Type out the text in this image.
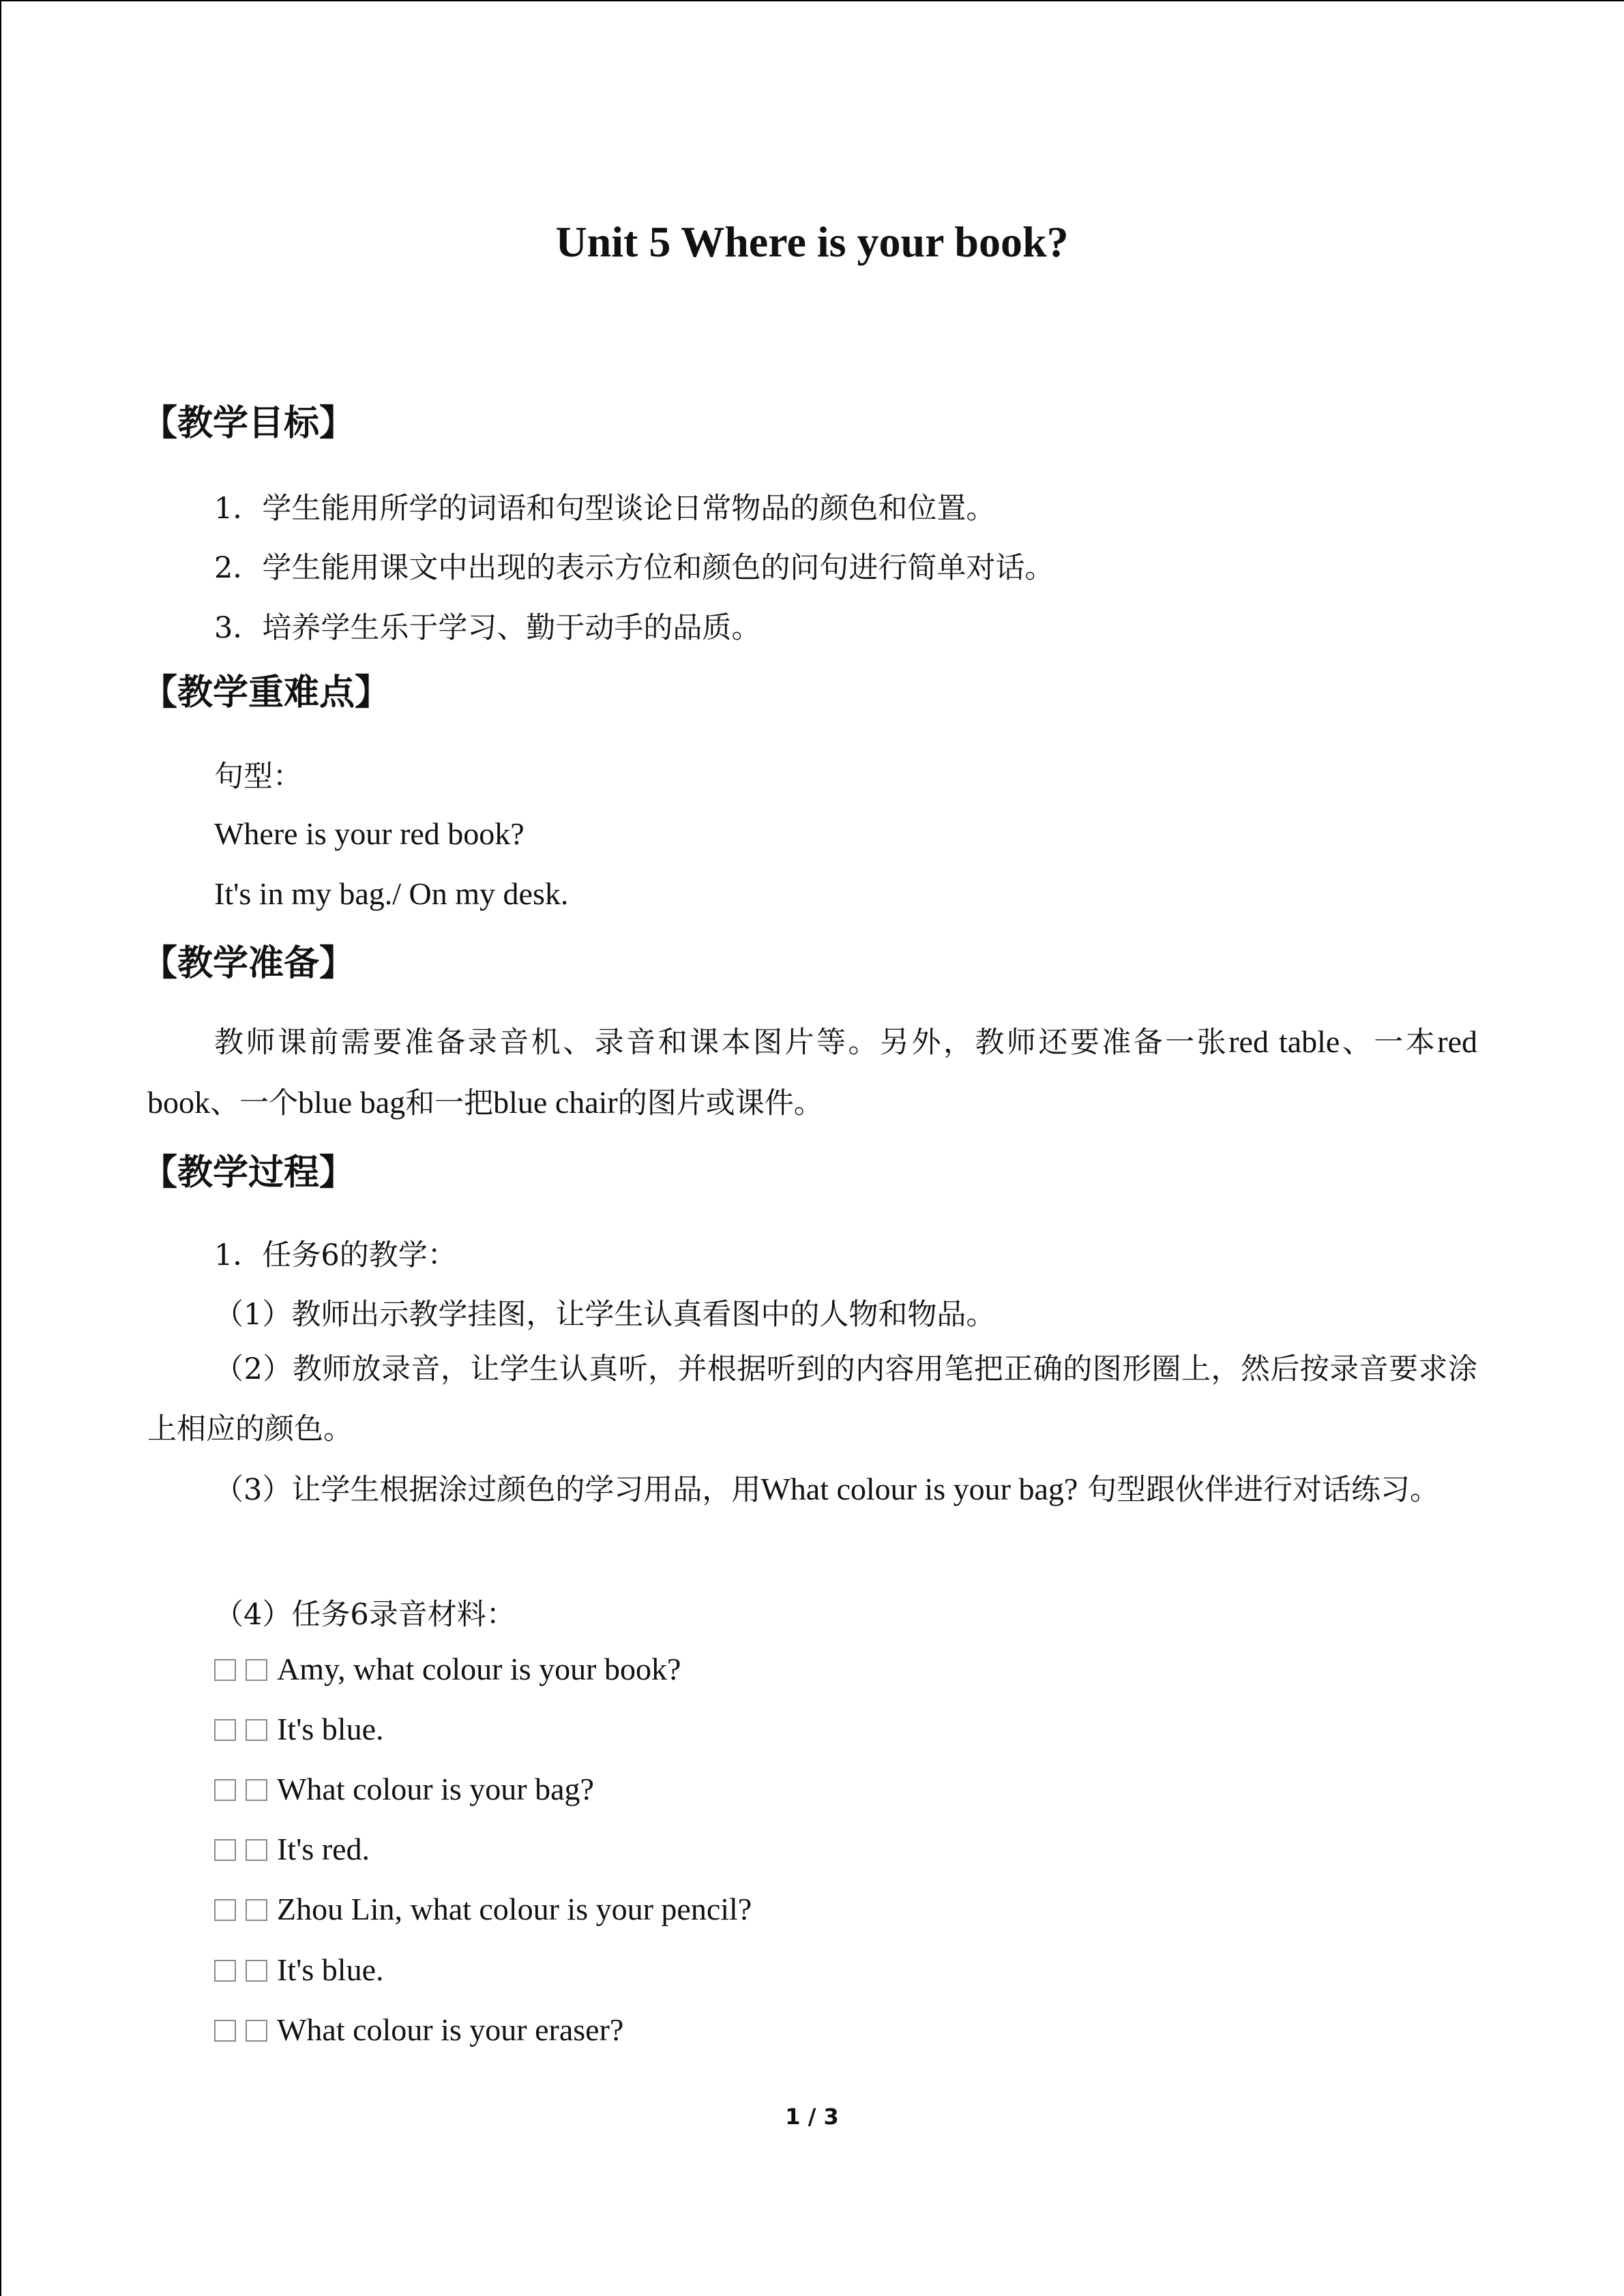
Unit 5 Where is your book?
【教学目标】
1．学生能用所学的词语和句型谈论日常物品的颜色和位置。
2．学生能用课文中出现的表示方位和颜色的问句进行简单对话。
3．培养学生乐于学习、勤于动手的品质。
【教学重难点】
句型：
Where is your red book?
It's in my bag./ On my desk.
【教学准备】
教师课前需要准备录音机、录音和课本图片等。另外，教师还要准备一张red table、一本red book、一个blue bag和一把blue chair的图片或课件。
【教学过程】
1．任务6的教学：
（1）教师出示教学挂图，让学生认真看图中的人物和物品。
（2）教师放录音，让学生认真听，并根据听到的内容用笔把正确的图形圈上，然后按录音要求涂上相应的颜色。
（3）让学生根据涂过颜色的学习用品，用What colour is your bag? 句型跟伙伴进行对话练习。
（4）任务6录音材料：
Amy, what colour is your book?
It's blue.
What colour is your bag?
It's red.
Zhou Lin, what colour is your pencil?
It's blue.
What colour is your eraser?
1 / 3
